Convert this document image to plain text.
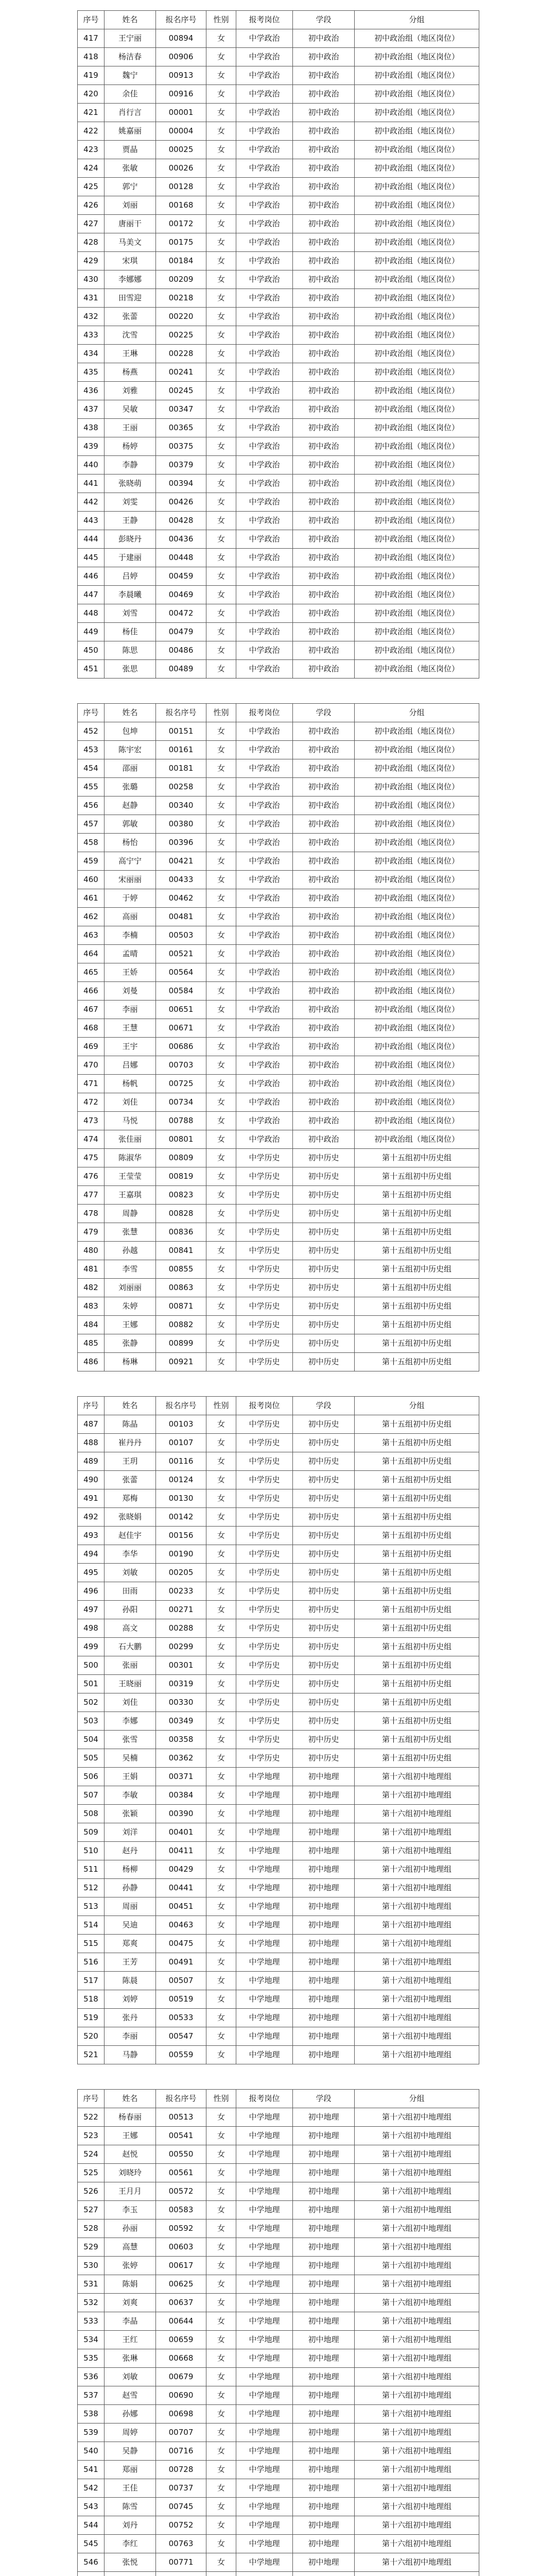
序号	姓名	报名序号	性别	报考岗位	学段	分组
417	王宁丽	00894	女	中学政治	初中政治	初中政治组（地区岗位）
418	杨洁春	00906	女	中学政治	初中政治	初中政治组（地区岗位）
419	魏宁	00913	女	中学政治	初中政治	初中政治组（地区岗位）
420	余佳	00916	女	中学政治	初中政治	初中政治组（地区岗位）
421	肖行言	00001	女	中学政治	初中政治	初中政治组（地区岗位）
422	姚嘉丽	00004	女	中学政治	初中政治	初中政治组（地区岗位）
423	贾晶	00025	女	中学政治	初中政治	初中政治组（地区岗位）
424	张敏	00026	女	中学政治	初中政治	初中政治组（地区岗位）
425	郭宁	00128	女	中学政治	初中政治	初中政治组（地区岗位）
426	刘丽	00168	女	中学政治	初中政治	初中政治组（地区岗位）
427	唐丽干	00172	女	中学政治	初中政治	初中政治组（地区岗位）
428	马美文	00175	女	中学政治	初中政治	初中政治组（地区岗位）
429	宋琪	00184	女	中学政治	初中政治	初中政治组（地区岗位）
430	李娜娜	00209	女	中学政治	初中政治	初中政治组（地区岗位）
431	田雪迎	00218	女	中学政治	初中政治	初中政治组（地区岗位）
432	张蕾	00220	女	中学政治	初中政治	初中政治组（地区岗位）
433	沈雪	00225	女	中学政治	初中政治	初中政治组（地区岗位）
434	王琳	00228	女	中学政治	初中政治	初中政治组（地区岗位）
435	杨燕	00241	女	中学政治	初中政治	初中政治组（地区岗位）
436	刘雅	00245	女	中学政治	初中政治	初中政治组（地区岗位）
437	吴敏	00347	女	中学政治	初中政治	初中政治组（地区岗位）
438	王丽	00365	女	中学政治	初中政治	初中政治组（地区岗位）
439	杨婷	00375	女	中学政治	初中政治	初中政治组（地区岗位）
440	李静	00379	女	中学政治	初中政治	初中政治组（地区岗位）
441	张晓萌	00394	女	中学政治	初中政治	初中政治组（地区岗位）
442	刘雯	00426	女	中学政治	初中政治	初中政治组（地区岗位）
443	王静	00428	女	中学政治	初中政治	初中政治组（地区岗位）
444	彭晓丹	00436	女	中学政治	初中政治	初中政治组（地区岗位）
445	于建丽	00448	女	中学政治	初中政治	初中政治组（地区岗位）
446	吕婷	00459	女	中学政治	初中政治	初中政治组（地区岗位）
447	李晨曦	00469	女	中学政治	初中政治	初中政治组（地区岗位）
448	刘雪	00472	女	中学政治	初中政治	初中政治组（地区岗位）
449	杨佳	00479	女	中学政治	初中政治	初中政治组（地区岗位）
450	陈思	00486	女	中学政治	初中政治	初中政治组（地区岗位）
451	张思	00489	女	中学政治	初中政治	初中政治组（地区岗位）
序号	姓名	报名序号	性别	报考岗位	学段	分组
452	包坤	00151	女	中学政治	初中政治	初中政治组（地区岗位）
453	陈宇宏	00161	女	中学政治	初中政治	初中政治组（地区岗位）
454	邵丽	00181	女	中学政治	初中政治	初中政治组（地区岗位）
455	张璐	00258	女	中学政治	初中政治	初中政治组（地区岗位）
456	赵静	00340	女	中学政治	初中政治	初中政治组（地区岗位）
457	郭敏	00380	女	中学政治	初中政治	初中政治组（地区岗位）
458	杨怡	00396	女	中学政治	初中政治	初中政治组（地区岗位）
459	高宁宁	00421	女	中学政治	初中政治	初中政治组（地区岗位）
460	宋丽丽	00433	女	中学政治	初中政治	初中政治组（地区岗位）
461	于婷	00462	女	中学政治	初中政治	初中政治组（地区岗位）
462	高丽	00481	女	中学政治	初中政治	初中政治组（地区岗位）
463	李楠	00503	女	中学政治	初中政治	初中政治组（地区岗位）
464	孟晴	00521	女	中学政治	初中政治	初中政治组（地区岗位）
465	王娇	00564	女	中学政治	初中政治	初中政治组（地区岗位）
466	刘曼	00584	女	中学政治	初中政治	初中政治组（地区岗位）
467	李丽	00651	女	中学政治	初中政治	初中政治组（地区岗位）
468	王慧	00671	女	中学政治	初中政治	初中政治组（地区岗位）
469	王宇	00686	女	中学政治	初中政治	初中政治组（地区岗位）
470	吕娜	00703	女	中学政治	初中政治	初中政治组（地区岗位）
471	杨帆	00725	女	中学政治	初中政治	初中政治组（地区岗位）
472	刘佳	00734	女	中学政治	初中政治	初中政治组（地区岗位）
473	马悦	00788	女	中学政治	初中政治	初中政治组（地区岗位）
474	张佳丽	00801	女	中学政治	初中政治	初中政治组（地区岗位）
475	陈淑华	00809	女	中学历史	初中历史	第十五组初中历史组
476	王莹莹	00819	女	中学历史	初中历史	第十五组初中历史组
477	王嘉琪	00823	女	中学历史	初中历史	第十五组初中历史组
478	周静	00828	女	中学历史	初中历史	第十五组初中历史组
479	张慧	00836	女	中学历史	初中历史	第十五组初中历史组
480	孙越	00841	女	中学历史	初中历史	第十五组初中历史组
481	李雪	00855	女	中学历史	初中历史	第十五组初中历史组
482	刘丽丽	00863	女	中学历史	初中历史	第十五组初中历史组
483	朱婷	00871	女	中学历史	初中历史	第十五组初中历史组
484	王娜	00882	女	中学历史	初中历史	第十五组初中历史组
485	张静	00899	女	中学历史	初中历史	第十五组初中历史组
486	杨琳	00921	女	中学历史	初中历史	第十五组初中历史组
序号	姓名	报名序号	性别	报考岗位	学段	分组
487	陈晶	00103	女	中学历史	初中历史	第十五组初中历史组
488	崔丹丹	00107	女	中学历史	初中历史	第十五组初中历史组
489	王玥	00116	女	中学历史	初中历史	第十五组初中历史组
490	张蕾	00124	女	中学历史	初中历史	第十五组初中历史组
491	郑梅	00130	女	中学历史	初中历史	第十五组初中历史组
492	张晓娟	00142	女	中学历史	初中历史	第十五组初中历史组
493	赵佳宇	00156	女	中学历史	初中历史	第十五组初中历史组
494	李华	00190	女	中学历史	初中历史	第十五组初中历史组
495	刘敏	00205	女	中学历史	初中历史	第十五组初中历史组
496	田雨	00233	女	中学历史	初中历史	第十五组初中历史组
497	孙阳	00271	女	中学历史	初中历史	第十五组初中历史组
498	高文	00288	女	中学历史	初中历史	第十五组初中历史组
499	石大鹏	00299	女	中学历史	初中历史	第十五组初中历史组
500	张丽	00301	女	中学历史	初中历史	第十五组初中历史组
501	王晓丽	00319	女	中学历史	初中历史	第十五组初中历史组
502	刘佳	00330	女	中学历史	初中历史	第十五组初中历史组
503	李娜	00349	女	中学历史	初中历史	第十五组初中历史组
504	张雪	00358	女	中学历史	初中历史	第十五组初中历史组
505	吴楠	00362	女	中学历史	初中历史	第十五组初中历史组
506	王娟	00371	女	中学地理	初中地理	第十六组初中地理组
507	李敏	00384	女	中学地理	初中地理	第十六组初中地理组
508	张颖	00390	女	中学地理	初中地理	第十六组初中地理组
509	刘洋	00401	女	中学地理	初中地理	第十六组初中地理组
510	赵丹	00411	女	中学地理	初中地理	第十六组初中地理组
511	杨柳	00429	女	中学地理	初中地理	第十六组初中地理组
512	孙静	00441	女	中学地理	初中地理	第十六组初中地理组
513	周丽	00451	女	中学地理	初中地理	第十六组初中地理组
514	吴迪	00463	女	中学地理	初中地理	第十六组初中地理组
515	郑爽	00475	女	中学地理	初中地理	第十六组初中地理组
516	王芳	00491	女	中学地理	初中地理	第十六组初中地理组
517	陈晨	00507	女	中学地理	初中地理	第十六组初中地理组
518	刘婷	00519	女	中学地理	初中地理	第十六组初中地理组
519	张丹	00533	女	中学地理	初中地理	第十六组初中地理组
520	李丽	00547	女	中学地理	初中地理	第十六组初中地理组
521	马静	00559	女	中学地理	初中地理	第十六组初中地理组
序号	姓名	报名序号	性别	报考岗位	学段	分组
522	杨春丽	00513	女	中学地理	初中地理	第十六组初中地理组
523	王娜	00541	女	中学地理	初中地理	第十六组初中地理组
524	赵悦	00550	女	中学地理	初中地理	第十六组初中地理组
525	刘晓玲	00561	女	中学地理	初中地理	第十六组初中地理组
526	王月月	00572	女	中学地理	初中地理	第十六组初中地理组
527	李玉	00583	女	中学地理	初中地理	第十六组初中地理组
528	孙丽	00592	女	中学地理	初中地理	第十六组初中地理组
529	高慧	00603	女	中学地理	初中地理	第十六组初中地理组
530	张婷	00617	女	中学地理	初中地理	第十六组初中地理组
531	陈娟	00625	女	中学地理	初中地理	第十六组初中地理组
532	刘爽	00637	女	中学地理	初中地理	第十六组初中地理组
533	李晶	00644	女	中学地理	初中地理	第十六组初中地理组
534	王红	00659	女	中学地理	初中地理	第十六组初中地理组
535	张琳	00668	女	中学地理	初中地理	第十六组初中地理组
536	刘敏	00679	女	中学地理	初中地理	第十六组初中地理组
537	赵雪	00690	女	中学地理	初中地理	第十六组初中地理组
538	孙娜	00698	女	中学地理	初中地理	第十六组初中地理组
539	周婷	00707	女	中学地理	初中地理	第十六组初中地理组
540	吴静	00716	女	中学地理	初中地理	第十六组初中地理组
541	郑丽	00728	女	中学地理	初中地理	第十六组初中地理组
542	王佳	00737	女	中学地理	初中地理	第十六组初中地理组
543	陈雪	00745	女	中学地理	初中地理	第十六组初中地理组
544	刘丹	00752	女	中学地理	初中地理	第十六组初中地理组
545	李红	00763	女	中学地理	初中地理	第十六组初中地理组
546	张悦	00771	女	中学地理	初中地理	第十六组初中地理组
